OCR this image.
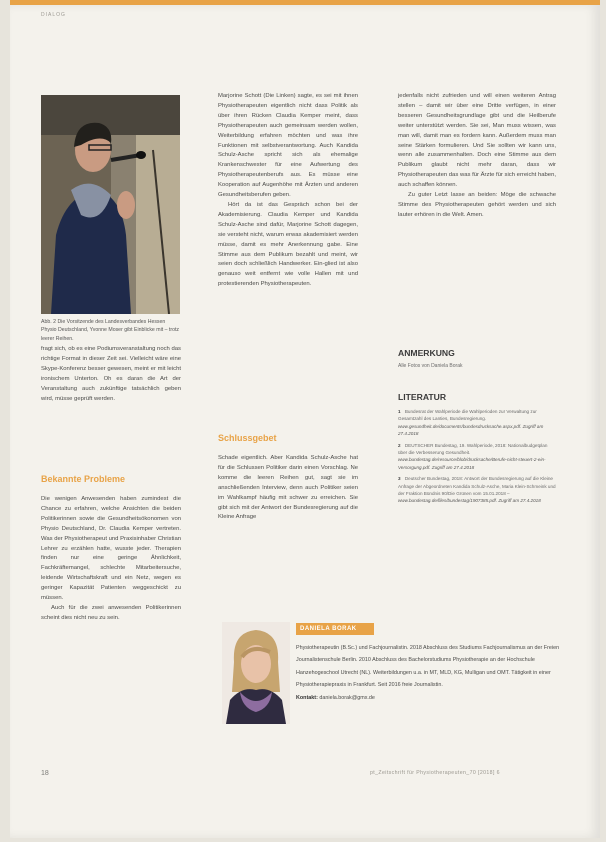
DIALOG
Abb. 2 Die Vorsitzende des Landesverbandes Hessen Physio Deutschland, Yvonne Moser gibt Einblicke mit – trotz leerer Reihen.

fragt sich, ob es eine Podiumsveranstaltung noch das richtige Format in dieser Zeit sei. Vielleicht wäre eine Skype-Konferenz besser gewesen, meint er mit leicht ironischem Unterton. Oh es daran die Art der Veranstaltung auch zukünftige tatsächlich geben wird, müsse geprüft werden.

Bekannte Probleme

Die wenigen Anwesenden haben zumindest die Chance zu erfahren, welche Ansichten die beiden Politikerinnen sowie die Gesundheitsökonomen von Physio Deutschland, Dr. Claudia Kemper vertreten. Was der Physiotherapeut und Praxisinhaber Christian Lehrer zu erzählen hatte, wusste jeder. Therapien finden nur eine geringe Ähnlichkeit, Fachkräftemangel, schlechte Mitarbeitersuche, leidende Wirtschaftskraft und ein Netz, wegen es geringer Kapazität Patienten weggeschickt zu müssen.

Auch für die zwei anwesenden Politikerinnen scheint dies nicht neu zu sein.

Marjorine Schott (Die Linken) sagte, es sei mit ihnen Physiotherapeuten eigentlich nicht dass Politik als über ihren Rücken Claudia Kemper meint, dass Physiotherapeuten auch gemeinsam werden wollen, Weiterbildung erfahren möchten und was ihre Funktionen mit selbstverantwortung. Auch Kandida Schulz-Asche spricht sich als ehemalige Krankenschwester für eine Aufwertung des Physiotherapeutenberufs aus. Es müsse eine Kooperation auf Augenhöhe mit Ärzten und anderen Gesundheitsberufen geben.

Hört da ist das Gespräch schon bei der Akademisierung. Claudia Kemper und Kandida Schulz-Asche sind dafür, Marjorine Schott dagegen, sie versteht nicht, warum erwas akademisiert werden müsse, damit es mehr Anerkennung gabe. Eine Stimme aus dem Publikum bezahlt und meint, wir seien doch schließlich Handwerker. Ein-glied ist also genauso weit entfernt wie volle Hallen mit und protestierenden Physiotherapeuten.

Schlussgebet

Schade eigentlich. Aber Kandida Schulz-Asche hat für die Schlussen Politiker darin einen Vorschlag. Ne komme die leeren Reihen gut, sagt sie im anschließenden Interview, denn auch Politiker seien im Wahlkampf häufig mit schwer zu erreichen. Sie gibt sich mit der Antwort der Bundesregierung auf die Kleine Anfrage

jedenfalls nicht zufrieden und will einen weiteren Antrag stellen – damit wir über eine Dritte verfügen, in einer besseren Gesundheitsgrundlage gibt und die Heilberufe weiter unterstützt werden. Sie sei, Man muss wissen, was man will, damit man es fordern kann. Außerdem muss man seine Stärken formulieren. Und Sie sollten wir kann uns, wenn alle zusammenhalten. Doch eine Stimme aus dem Publikum glaubt nicht mehr daran, dass wir Physiotherapeuten das was für Ärzte für sich erreicht haben, auch schaffen können.

Zu guter Letzt lasse an beiden: Möge die schwache Stimme des Physiotherapeuten gehört werden und sich lauter erhören in die Welt. Amen.

ANMERKUNG
Alle Fotos von Daniela Borak
LITERATUR
1 Bundesrat der Wahlperiode die Wahlperioden zur Verwaltung zur Gesamtzahl des Lanties, Bundesregierung. www.gesundheit.de/documents/bundesdrucksache.aspx.pdf. Zugriff am 27.4.2018
2 DEUTSCHER Bundestag, 19. Wahlperiode, 2018: Nationalbudgetplan über die Verbesserung Gesundheit. www.bundestag.de/resource/blob/drucksache/Berufe-nicht-steuert-2-ein-Versorgung.pdf. Zugriff am 27.4.2018
3 Deutscher Bundestag, 2018: Antwort der Bundesregierung auf die Kleine Anfrage der Abgeordneten Kandida Schulz-Asche, Maria Klein-Schmeink und der Fraktion Bündnis 90/Die Grünen vom 15.01.2018 – www.bundestag.de/files/bundestag/1907385.pdf. Zugriff am 27.4.2018
DANIELA BORAK
Physiotherapeutin (B.Sc.) und Fachjournalistin. 2018 Abschluss des Studiums Fachjournalismus an der Freien Journalistenschule Berlin. 2010 Abschluss des Bachelorstudiums Physiotherapie an der Hochschule Hanzehogeschool Utrecht (NL). Weiterbildungen u.a. in MT, MLD, KG, Mulligan und OMT. Tätigkeit in einer Physiotherapiepraxis in Frankfurt. Seit 2016 freie Journalistin.
Kontakt: daniela.borak@gmx.de
18	pt_Zeitschrift für Physiotherapeuten_70 [2018] 6
